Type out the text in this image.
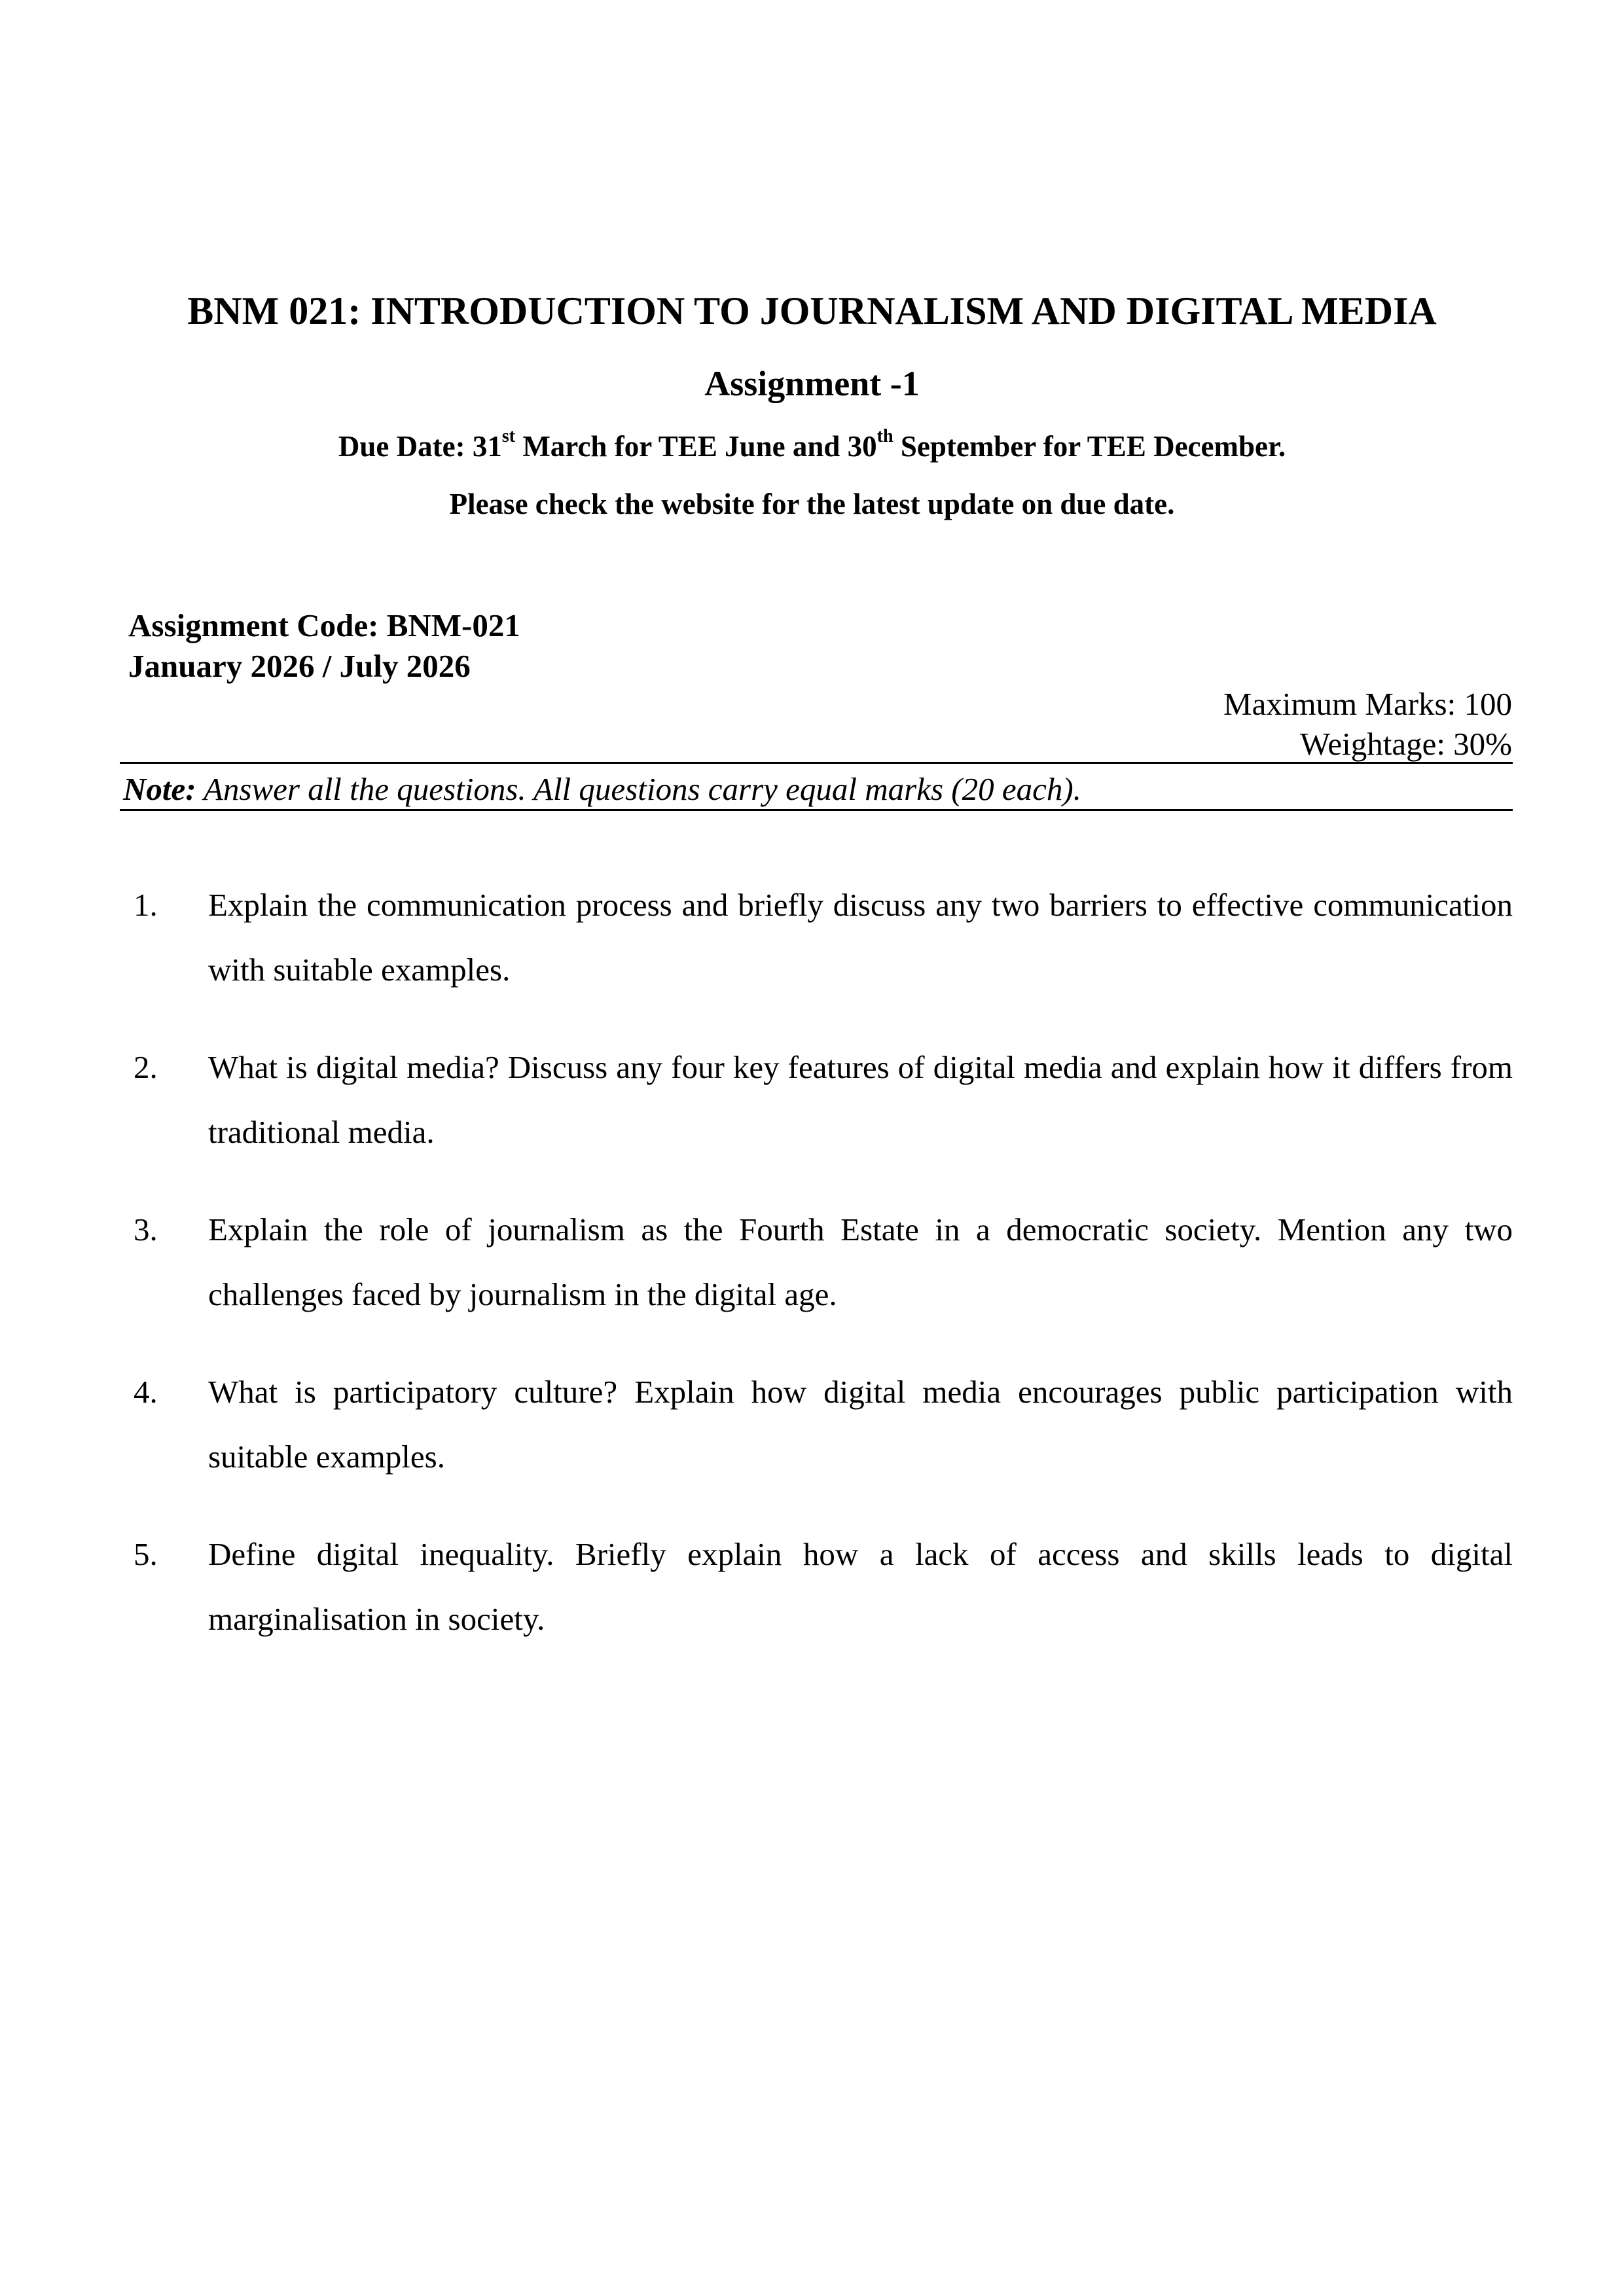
BNM 021: INTRODUCTION TO JOURNALISM AND DIGITAL MEDIA
Assignment -1
Due Date: 31st March for TEE June and 30th September for TEE December.
Please check the website for the latest update on due date.
Assignment Code: BNM-021
January 2026 / July 2026
Maximum Marks: 100
Weightage: 30%
Note: Answer all the questions. All questions carry equal marks (20 each).
1. Explain the communication process and briefly discuss any two barriers to effective communication with suitable examples.
2. What is digital media? Discuss any four key features of digital media and explain how it differs from traditional media.
3. Explain the role of journalism as the Fourth Estate in a democratic society. Mention any two challenges faced by journalism in the digital age.
4. What is participatory culture? Explain how digital media encourages public participation with suitable examples.
5. Define digital inequality. Briefly explain how a lack of access and skills leads to digital marginalisation in society.
